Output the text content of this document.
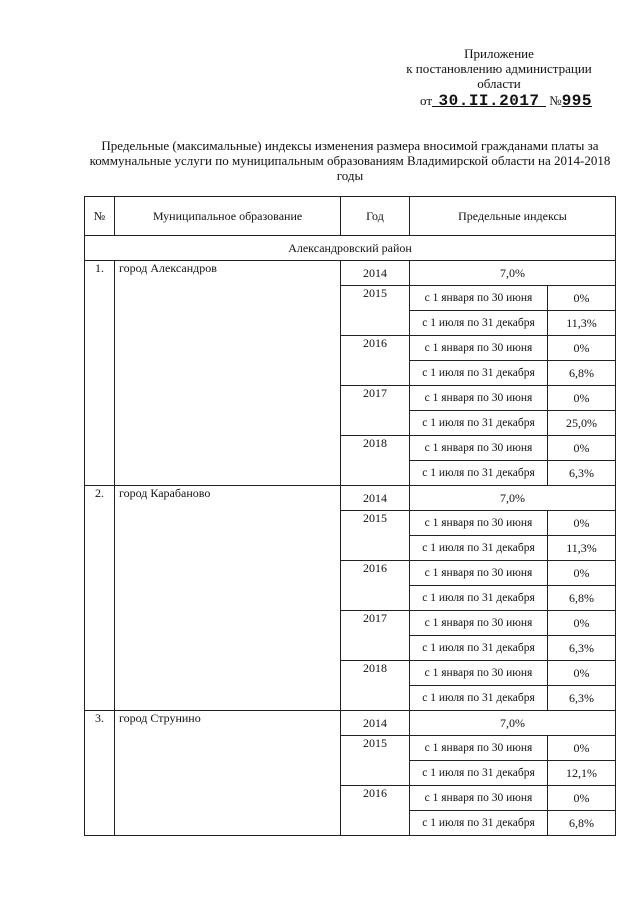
Приложение
к постановлению администрации
области
от 30.II.2017 №995
Предельные (максимальные) индексы изменения размера вносимой гражданами платы за коммунальные услуги по муниципальным образованиям Владимирской области на 2014-2018 годы
№	Муниципальное образование	Год	Предельные индексы	
Александровский район				
1.	город Александров	2014	7,0%	
		2015	с 1 января по 30 июня	0%
			с 1 июля по 31 декабря	11,3%
		2016	с 1 января по 30 июня	0%
			с 1 июля по 31 декабря	6,8%
		2017	с 1 января по 30 июня	0%
			с 1 июля по 31 декабря	25,0%
		2018	с 1 января по 30 июня	0%
			с 1 июля по 31 декабря	6,3%
2.	город Карабаново	2014	7,0%	
		2015	с 1 января по 30 июня	0%
			с 1 июля по 31 декабря	11,3%
		2016	с 1 января по 30 июня	0%
			с 1 июля по 31 декабря	6,8%
		2017	с 1 января по 30 июня	0%
			с 1 июля по 31 декабря	6,3%
		2018	с 1 января по 30 июня	0%
			с 1 июля по 31 декабря	6,3%
3.	город Струнино	2014	7,0%	
		2015	с 1 января по 30 июня	0%
			с 1 июля по 31 декабря	12,1%
		2016	с 1 января по 30 июня	0%
			с 1 июля по 31 декабря	6,8%
